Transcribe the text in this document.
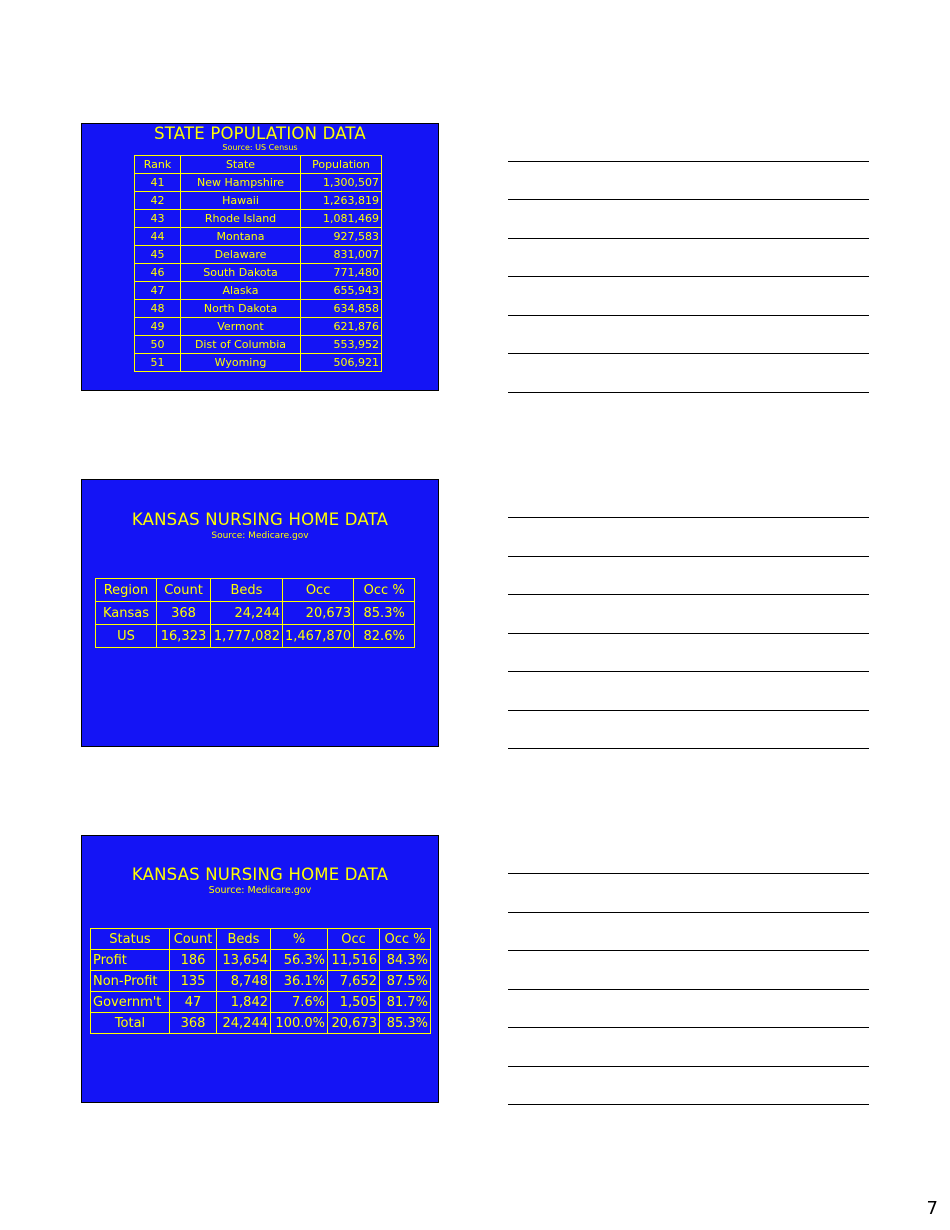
STATE POPULATION DATA
Source: US Census
Rank	State	Population
41	New Hampshire	1,300,507
42	Hawaii	1,263,819
43	Rhode Island	1,081,469
44	Montana	927,583
45	Delaware	831,007
46	South Dakota	771,480
47	Alaska	655,943
48	North Dakota	634,858
49	Vermont	621,876
50	Dist of Columbia	553,952
51	Wyoming	506,921
KANSAS NURSING HOME DATA
Source: Medicare.gov
Region	Count	Beds	Occ	Occ %
Kansas	368	24,244	20,673	85.3%
US	16,323	1,777,082	1,467,870	82.6%
KANSAS NURSING HOME DATA
Source: Medicare.gov
Status	Count	Beds	%	Occ	Occ %
Profit	186	13,654	56.3%	11,516	84.3%
Non-Profit	135	8,748	36.1%	7,652	87.5%
Governm't	47	1,842	7.6%	1,505	81.7%
Total	368	24,244	100.0%	20,673	85.3%
7
